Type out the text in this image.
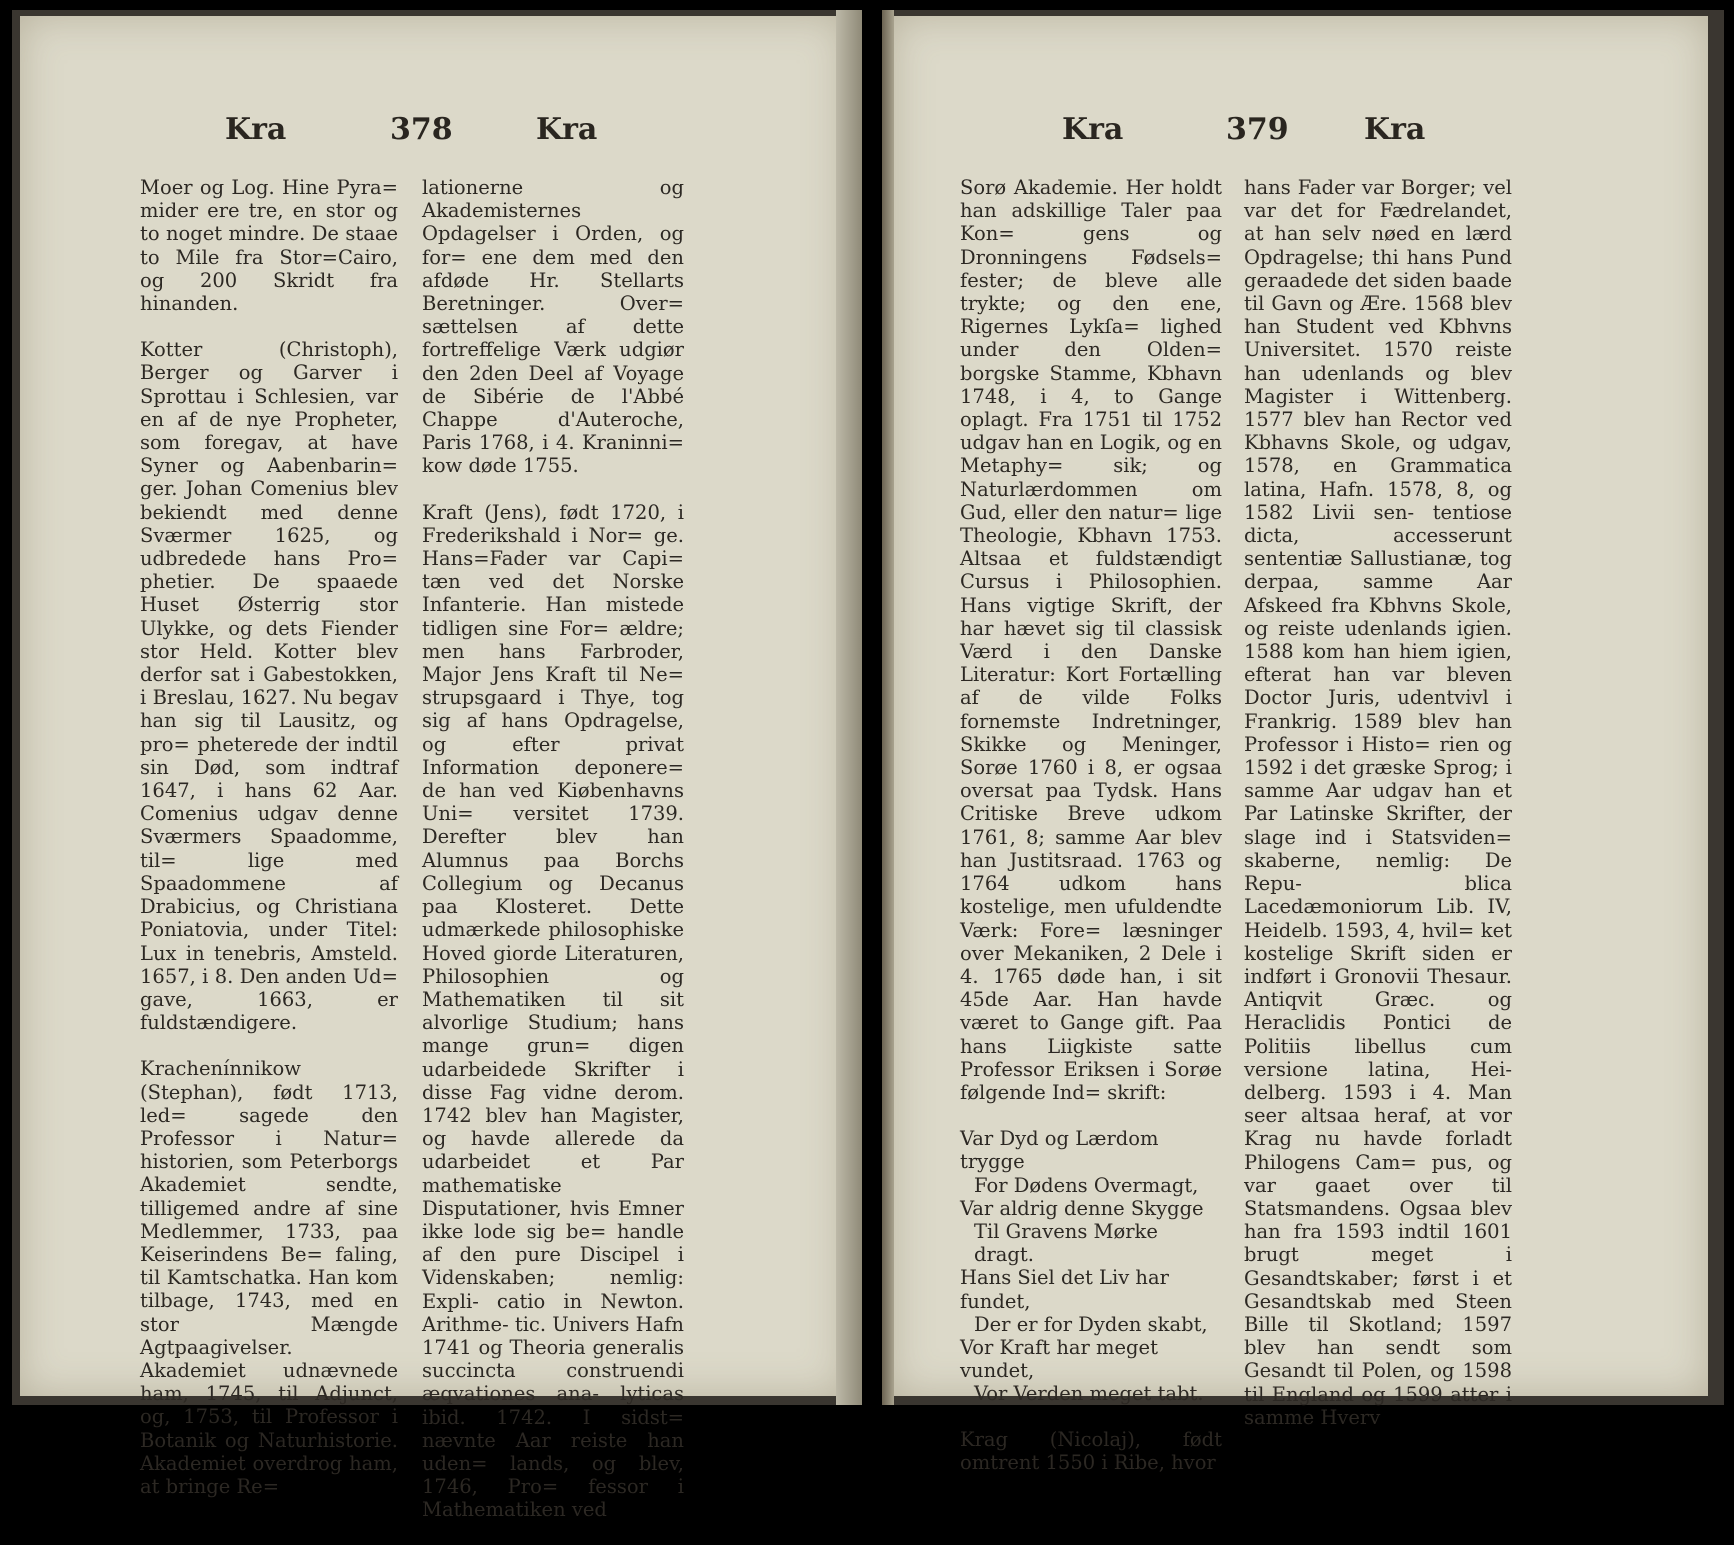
Kra	378	Kra

Moer og Log. Hine Pyra= mider ere tre, en stor og to noget mindre. De staae to Mile fra Stor=Cairo, og 200 Skridt fra hinanden.

Kotter (Christoph), Berger og Garver i Sprottau i Schlesien, var en af de nye Propheter, som foregav, at have Syner og Aabenbarin= ger. Johan Comenius blev bekiendt med denne Sværmer 1625, og udbredede hans Pro= phetier. De spaaede Huset Østerrig stor Ulykke, og dets Fiender stor Held. Kotter blev derfor sat i Gabestokken, i Breslau, 1627. Nu begav han sig til Lausitz, og pro= pheterede der indtil sin Død, som indtraf 1647, i hans 62 Aar. Comenius udgav denne Sværmers Spaadomme, til= lige med Spaadommene af Drabicius, og Christiana Poniatovia, under Titel: Lux in tenebris, Amsteld. 1657, i 8. Den anden Ud= gave, 1663, er fuldstændigere.

Krachenínnikow (Stephan), født 1713, led= sagede den Professor i Natur= historien, som Peterborgs Akademiet sendte, tilligemed andre af sine Medlemmer, 1733, paa Keiserindens Be= faling, til Kamtschatka. Han kom tilbage, 1743, med en stor Mængde Agtpaagivelser. Akademiet udnævnede ham, 1745, til Adjunct, og, 1753, til Professor i Botanik og Naturhistorie. Akademiet overdrog ham, at bringe Re=

lationerne og Akademisternes Opdagelser i Orden, og for= ene dem med den afdøde Hr. Stellarts Beretninger. Over= sættelsen af dette fortreffelige Værk udgiør den 2den Deel af Voyage de Sibérie de l'Abbé Chappe d'Auteroche, Paris 1768, i 4. Kraninni= kow døde 1755.

Kraft (Jens), født 1720, i Frederikshald i Nor= ge. Hans=Fader var Capi= tæn ved det Norske Infanterie. Han mistede tidligen sine For= ældre; men hans Farbroder, Major Jens Kraft til Ne= strupsgaard i Thye, tog sig af hans Opdragelse, og efter privat Information deponere= de han ved Kiøbenhavns Uni= versitet 1739. Derefter blev han Alumnus paa Borchs Collegium og Decanus paa Klosteret. Dette udmærkede philosophiske Hoved giorde Literaturen, Philosophien og Mathematiken til sit alvorlige Studium; hans mange grun= digen udarbeidede Skrifter i disse Fag vidne derom. 1742 blev han Magister, og havde allerede da udarbeidet et Par mathematiske Disputationer, hvis Emner ikke lode sig be= handle af den pure Discipel i Videnskaben; nemlig: Expli- catio in Newton. Arithme- tic. Univers Hafn 1741 og Theoria generalis succincta construendi æqvationes ana- lyticas ibid. 1742. I sidst= nævnte Aar reiste han uden= lands, og blev, 1746, Pro= fessor i Mathematiken ved

Kra	379	Kra

Sorø Akademie. Her holdt han adskillige Taler paa Kon= gens og Dronningens Fødsels= fester; de bleve alle trykte; og den ene, Rigernes Lykſa= lighed under den Olden= borgske Stamme, Kbhavn 1748, i 4, to Gange oplagt. Fra 1751 til 1752 udgav han en Logik, og en Metaphy= sik; og Naturlærdommen om Gud, eller den natur= lige Theologie, Kbhavn 1753. Altsaa et fuldstændigt Cursus i Philosophien. Hans vigtige Skrift, der har hævet sig til classisk Værd i den Danske Literatur: Kort Fortælling af de vilde Folks fornemste Indretninger, Skikke og Meninger, Sorøe 1760 i 8, er ogsaa oversat paa Tydsk. Hans Critiske Breve udkom 1761, 8; samme Aar blev han Justitsraad. 1763 og 1764 udkom hans kostelige, men ufuldendte Værk: Fore= læsninger over Mekaniken, 2 Dele i 4. 1765 døde han, i sit 45de Aar. Han havde været to Gange gift. Paa hans Liigkiste satte Professor Eriksen i Sorøe følgende Ind= skrift:

Var Dyd og Lærdom trygge

For Dødens Overmagt,

Var aldrig denne Skygge

Til Gravens Mørke dragt.

Hans Siel det Liv har fundet,

Der er for Dyden skabt,

Vor Kraft har meget vundet,

Vor Verden meget tabt.

Krag (Nicolaj), født omtrent 1550 i Ribe, hvor

hans Fader var Borger; vel var det for Fædrelandet, at han selv nøed en lærd Opdragelse; thi hans Pund geraadede det siden baade til Gavn og Ære. 1568 blev han Student ved Kbhvns Universitet. 1570 reiste han udenlands og blev Magister i Wittenberg. 1577 blev han Rector ved Kbhavns Skole, og udgav, 1578, en Grammatica latina, Hafn. 1578, 8, og 1582 Livii sen- tentiose dicta, accesserunt sententiæ Sallustianæ, tog derpaa, samme Aar Afskeed fra Kbhvns Skole, og reiste udenlands igien. 1588 kom han hiem igien, efterat han var bleven Doctor Juris, udentvivl i Frankrig. 1589 blev han Professor i Histo= rien og 1592 i det græske Sprog; i samme Aar udgav han et Par Latinske Skrifter, der slage ind i Statsviden= skaberne, nemlig: De Repu- blica Lacedæmoniorum Lib. IV, Heidelb. 1593, 4, hvil= ket kostelige Skrift siden er indført i Gronovii Thesaur. Antiqvit Græc. og Heraclidis Pontici de Politiis libellus cum versione latina, Hei- delberg. 1593 i 4. Man seer altsaa heraf, at vor Krag nu havde forladt Philogens Cam= pus, og var gaaet over til Statsmandens. Ogsaa blev han fra 1593 indtil 1601 brugt meget i Gesandtskaber; først i et Gesandtskab med Steen Bille til Skotland; 1597 blev han sendt som Gesandt til Polen, og 1598 til England og 1599 atter i samme Hverv
